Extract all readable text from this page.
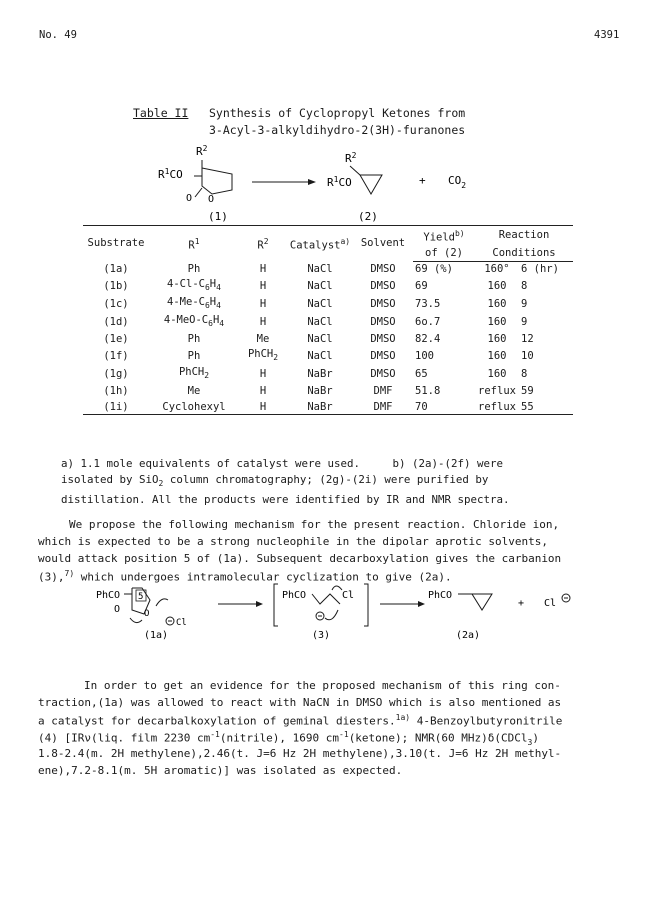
No. 49	4391
Table II Synthesis of Cyclopropyl Ketones from
3-Acyl-3-alkyldihydro-2(3H)-furanones
$R^2$
$R^1CO$
O
O
$R^2$
$R^1CO$	+ $CO_2$
(1)	(2)
Substrate	$R^1$	$R^2$	Catalyst$^{a)}$	Solvent	Yield$^{b)}$	Reaction	
					of (2)	Conditions	
(1a)	Ph	H	NaCl	DMSO	69 (%)	160°	6 (hr)
(1b)	$4-Cl-C_6H_4$	H	NaCl	DMSO	69	160	8
(1c)	$4-Me-C_6H_4$	H	NaCl	DMSO	73.5	160	9
(1d)	$4-MeO-C_6H_4$	H	NaCl	DMSO	6o.7	160	9
(1e)	Ph	Me	NaCl	DMSO	82.4	160	12
(1f)	Ph	PhCH$_2$	NaCl	DMSO	100	160	10
(1g)	PhCH$_2$	H	NaBr	DMSO	65	160	8
(1h)	Me	H	NaBr	DMF	51.8	reflux	59
(1i)	Cyclohexyl	H	NaBr	DMF	70	reflux	55
a) 1.1 mole equivalents of catalyst were used.	b) (2a)-(2f) were
isolated by SiO$_2$ column chromatography; (2g)-(2i) were purified by
distillation. All the products were identified by IR and NMR spectra.
We propose the following mechanism for the present reaction. Chloride ion,
which is expected to be a strong nucleophile in the dipolar aprotic solvents,
would attack position 5 of (1a). Subsequent decarboxylation gives the carbanion
(3),$^{7)}$ which undergoes intramolecular cyclization to give (2a).
PhCO 5
O	O
Cl
PhCO	Cl	PhCO
+ Cl
(1a)	(3)	(2a)
In order to get an evidence for the proposed mechanism of this ring con-
traction,(1a) was allowed to react with NaCN in DMSO which is also mentioned as
a catalyst for decarbalkoxylation of geminal diesters.$^{1a)}$ 4-Benzoylbutyronitrile
(4) [IRν(liq. film 2230 $cm^{-1}(nitrile)$, 1690 $cm^{-1}(ketone)$; NMR(60 MHz)δ(CDCl$_3$)
1.8-2.4(m. 2H methylene),2.46(t. J=6 Hz 2H methylene),3.10(t. J=6 Hz 2H methyl-
ene),7.2-8.1(m. 5H aromatic)] was isolated as expected.
